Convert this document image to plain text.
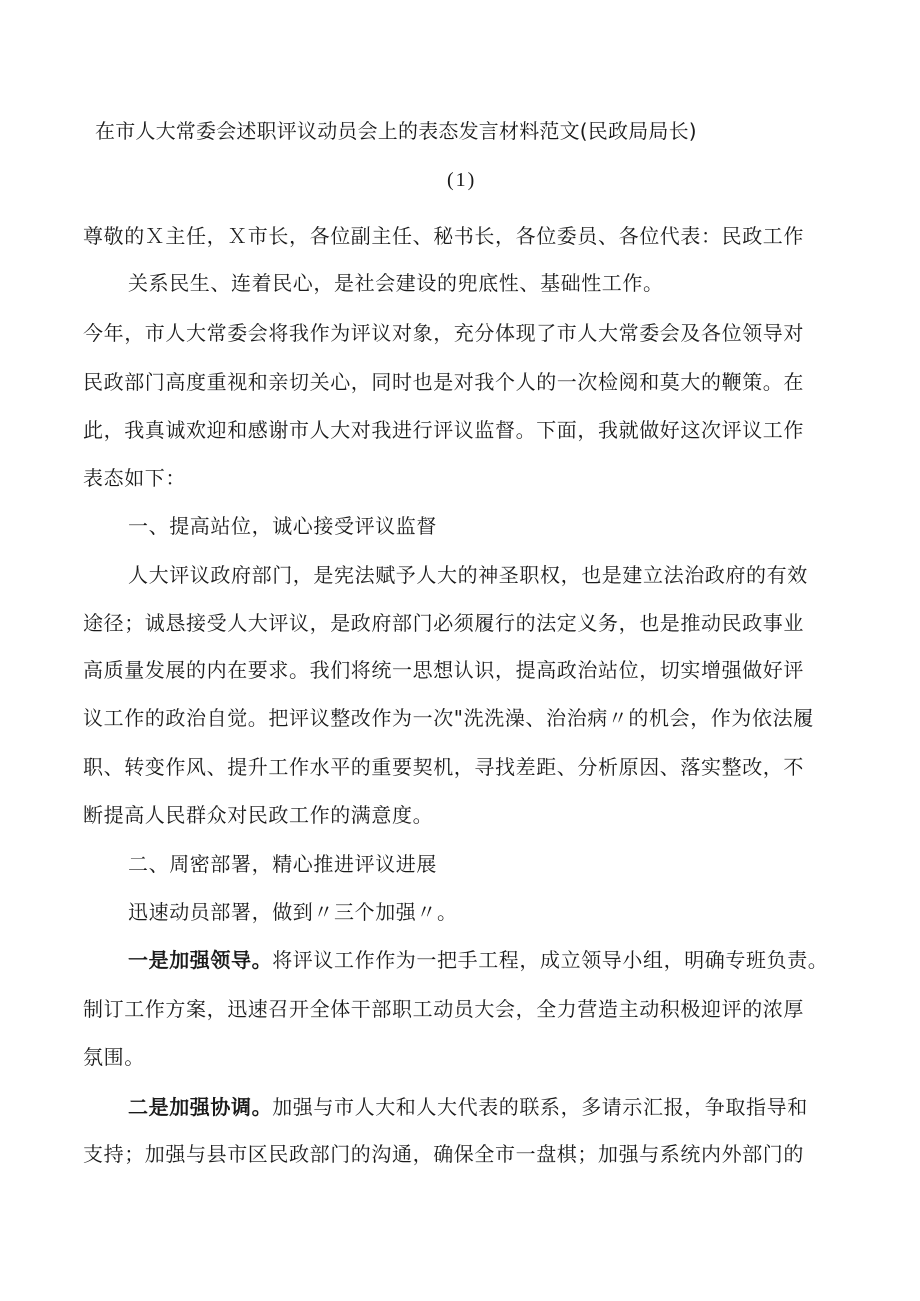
在市人大常委会述职评议动员会上的表态发言材料范文(民政局局长)
(1)
尊敬的Ｘ主任，Ｘ市长，各位副主任、秘书长，各位委员、各位代表：民政工作
关系民生、连着民心，是社会建设的兜底性、基础性工作。
今年，市人大常委会将我作为评议对象，充分体现了市人大常委会及各位领导对
民政部门高度重视和亲切关心，同时也是对我个人的一次检阅和莫大的鞭策。在
此，我真诚欢迎和感谢市人大对我进行评议监督。下面，我就做好这次评议工作
表态如下：
一、提高站位，诚心接受评议监督
人大评议政府部门，是宪法赋予人大的神圣职权，也是建立法治政府的有效
途径；诚恳接受人大评议，是政府部门必须履行的法定义务，也是推动民政事业
高质量发展的内在要求。我们将统一思想认识，提高政治站位，切实增强做好评
议工作的政治自觉。把评议整改作为一次"洗洗澡、治治病〃的机会，作为依法履
职、转变作风、提升工作水平的重要契机，寻找差距、分析原因、落实整改，不
断提高人民群众对民政工作的满意度。
二、周密部署，精心推进评议进展
迅速动员部署，做到〃三个加强〃。
一是加强领导。将评议工作作为一把手工程，成立领导小组，明确专班负责。
制订工作方案，迅速召开全体干部职工动员大会，全力营造主动积极迎评的浓厚
氛围。
二是加强协调。加强与市人大和人大代表的联系，多请示汇报，争取指导和
支持；加强与县市区民政部门的沟通，确保全市一盘棋；加强与系统内外部门的
